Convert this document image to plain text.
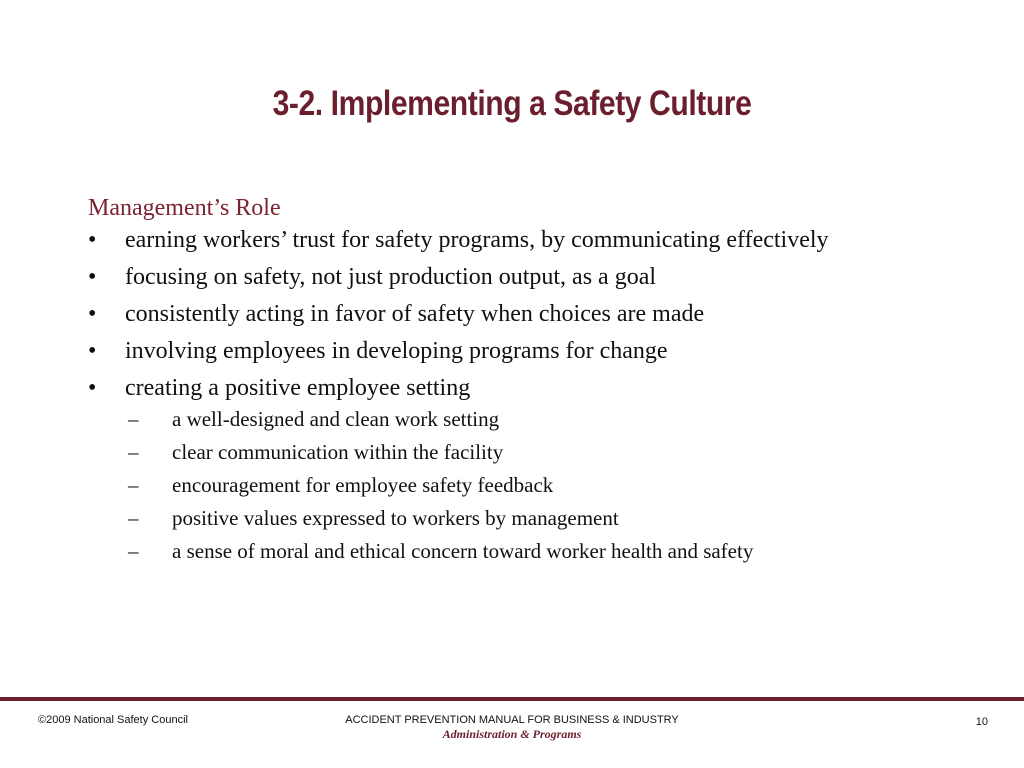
3-2. Implementing a Safety Culture
Management’s Role
•	earning workers’ trust for safety programs, by communicating effectively
•	focusing on safety, not just production output, as a goal
•	consistently acting in favor of safety when choices are made
•	involving employees in developing programs for change
•	creating a positive employee setting
–	a well-designed and clean work setting
–	clear communication within the facility
–	encouragement for employee safety feedback
–	positive values expressed to workers by management
–	a sense of moral and ethical concern toward worker health and safety
©2009 National Safety Council	ACCIDENT PREVENTION MANUAL FOR BUSINESS & INDUSTRY
Administration & Programs
10
